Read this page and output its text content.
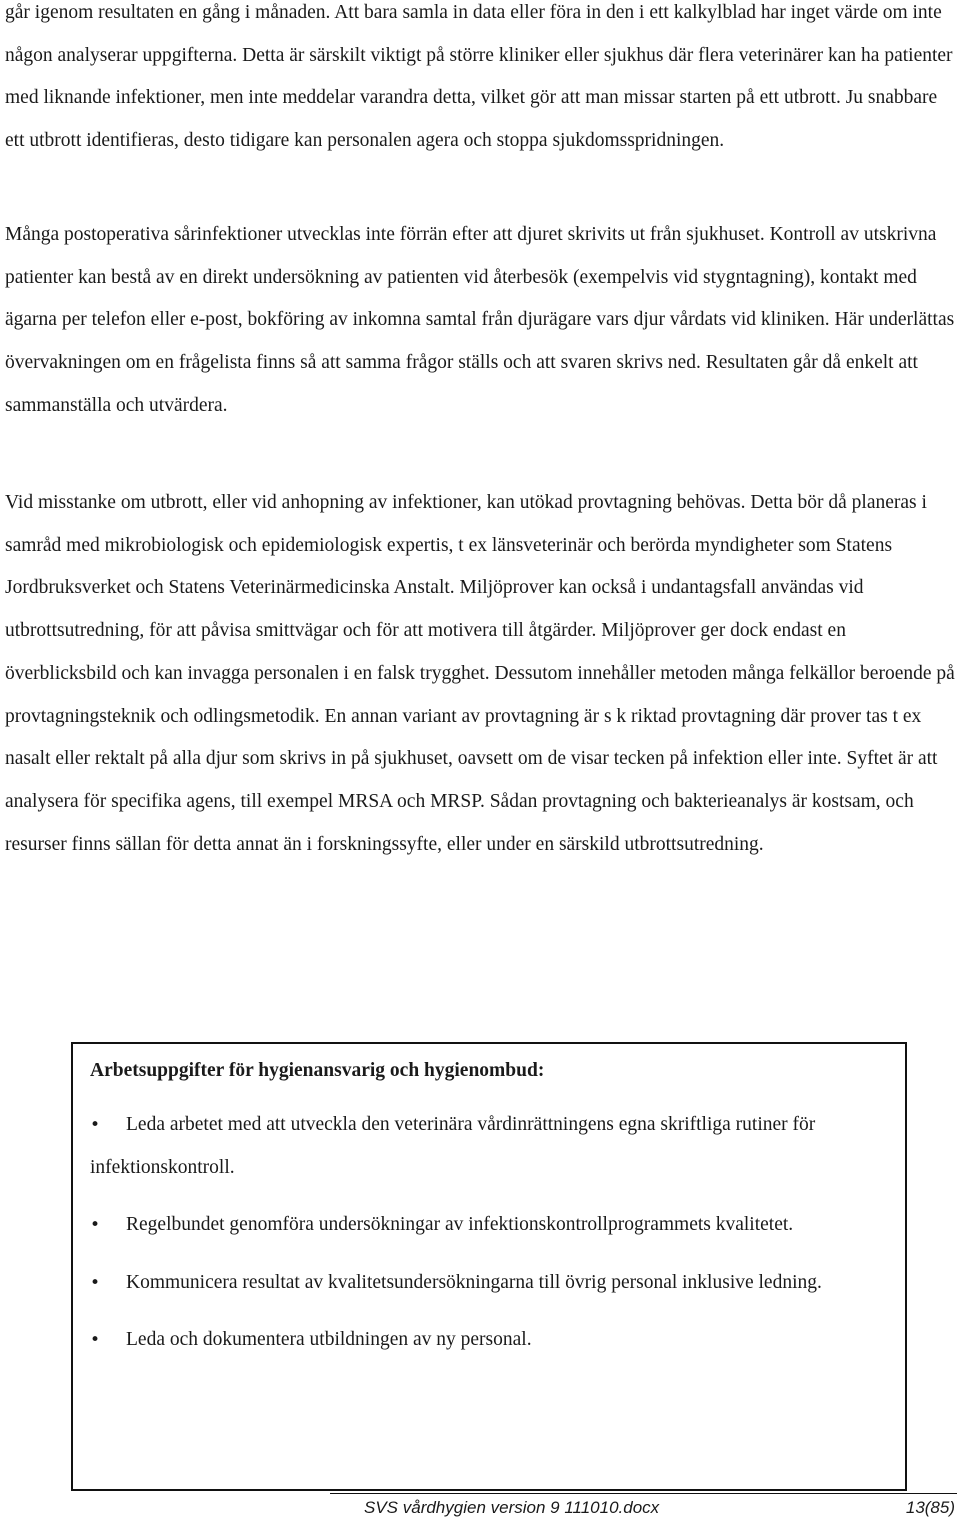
går igenom resultaten en gång i månaden. Att bara samla in data eller föra in den i ett kalkylblad har inget värde om inte någon analyserar uppgifterna. Detta är särskilt viktigt på större kliniker eller sjukhus där flera veterinärer kan ha patienter med liknande infektioner, men inte meddelar varandra detta, vilket gör att man missar starten på ett utbrott. Ju snabbare ett utbrott identifieras, desto tidigare kan personalen agera och stoppa sjukdomsspridningen.

Många postoperativa sårinfektioner utvecklas inte förrän efter att djuret skrivits ut från sjukhuset. Kontroll av utskrivna patienter kan bestå av en direkt undersökning av patienten vid återbesök (exempelvis vid stygntagning), kontakt med ägarna per telefon eller e-post, bokföring av inkomna samtal från djurägare vars djur vårdats vid kliniken. Här underlättas övervakningen om en frågelista finns så att samma frågor ställs och att svaren skrivs ned. Resultaten går då enkelt att sammanställa och utvärdera.

Vid misstanke om utbrott, eller vid anhopning av infektioner, kan utökad provtagning behövas. Detta bör då planeras i samråd med mikrobiologisk och epidemiologisk expertis, t ex länsveterinär och berörda myndigheter som Statens Jordbruksverket och Statens Veterinärmedicinska Anstalt. Miljöprover kan också i undantagsfall användas vid utbrottsutredning, för att påvisa smittvägar och för att motivera till åtgärder. Miljöprover ger dock endast en överblicksbild och kan invagga personalen i en falsk trygghet. Dessutom innehåller metoden många felkällor beroende på provtagningsteknik och odlingsmetodik. En annan variant av provtagning är s k riktad provtagning där prover tas t ex nasalt eller rektalt på alla djur som skrivs in på sjukhuset, oavsett om de visar tecken på infektion eller inte. Syftet är att analysera för specifika agens, till exempel MRSA och MRSP. Sådan provtagning och bakterieanalys är kostsam, och resurser finns sällan för detta annat än i forskningssyfte, eller under en särskild utbrottsutredning.

Arbetsuppgifter för hygienansvarig och hygienombud:
• Leda arbetet med att utveckla den veterinära vårdinrättningens egna skriftliga rutiner för infektionskontroll.
• Regelbundet genomföra undersökningar av infektionskontrollprogrammets kvalitetet.
• Kommunicera resultat av kvalitetsundersökningarna till övrig personal inklusive ledning.
• Leda och dokumentera utbildningen av ny personal.
SVS vårdhygien version 9 111010.docx	13(85)
